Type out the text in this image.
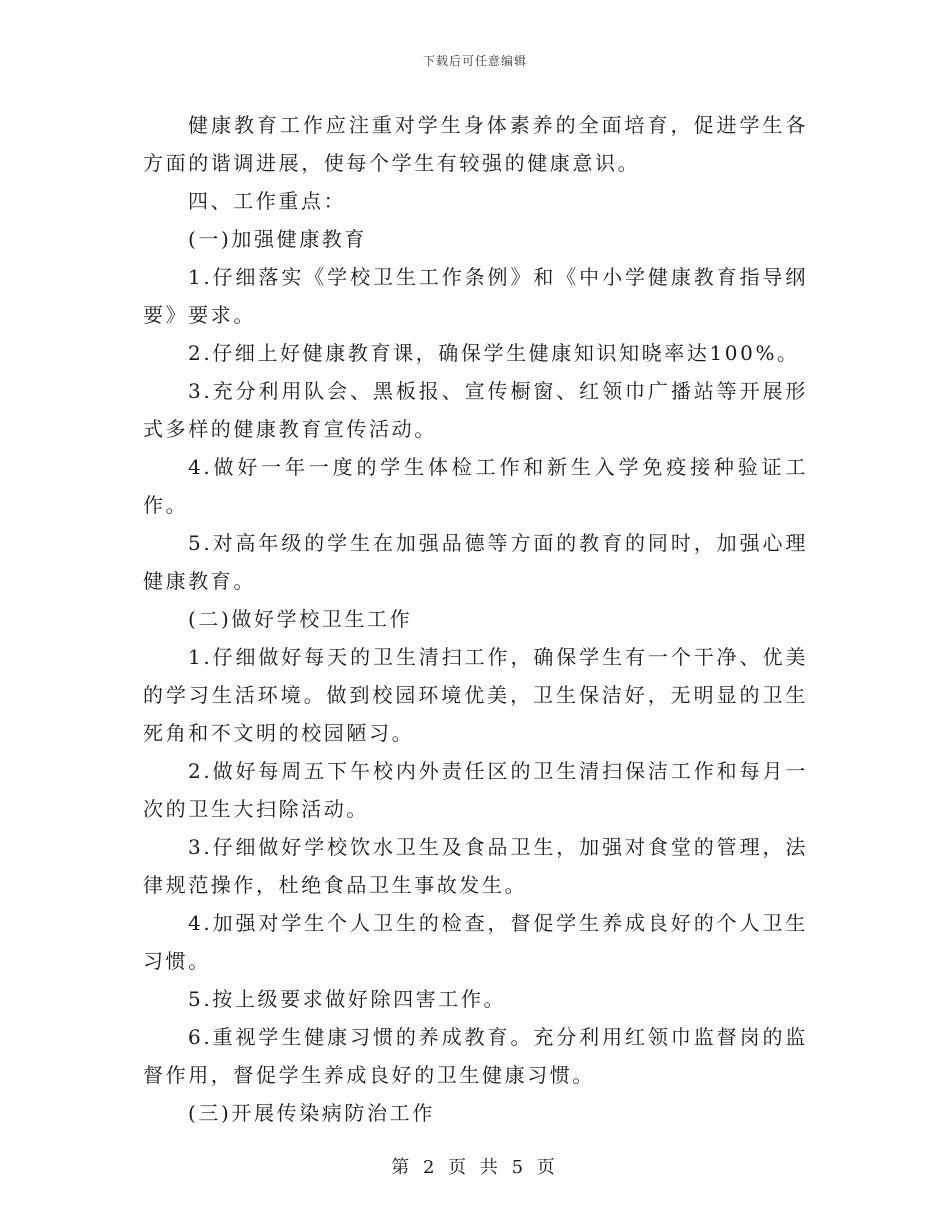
下载后可任意编辑

健康教育工作应注重对学生身体素养的全面培育，促进学生各方面的谐调进展，使每个学生有较强的健康意识。

四、工作重点：

(一)加强健康教育

1.仔细落实《学校卫生工作条例》和《中小学健康教育指导纲要》要求。

2.仔细上好健康教育课，确保学生健康知识知晓率达100%。

3.充分利用队会、黑板报、宣传橱窗、红领巾广播站等开展形式多样的健康教育宣传活动。

4.做好一年一度的学生体检工作和新生入学免疫接种验证工作。

5.对高年级的学生在加强品德等方面的教育的同时，加强心理健康教育。

(二)做好学校卫生工作

1.仔细做好每天的卫生清扫工作，确保学生有一个干净、优美的学习生活环境。做到校园环境优美，卫生保洁好，无明显的卫生死角和不文明的校园陋习。

2.做好每周五下午校内外责任区的卫生清扫保洁工作和每月一次的卫生大扫除活动。

3.仔细做好学校饮水卫生及食品卫生，加强对食堂的管理，法律规范操作，杜绝食品卫生事故发生。

4.加强对学生个人卫生的检查，督促学生养成良好的个人卫生习惯。

5.按上级要求做好除四害工作。

6.重视学生健康习惯的养成教育。充分利用红领巾监督岗的监督作用，督促学生养成良好的卫生健康习惯。

(三)开展传染病防治工作

第 2 页 共 5 页
